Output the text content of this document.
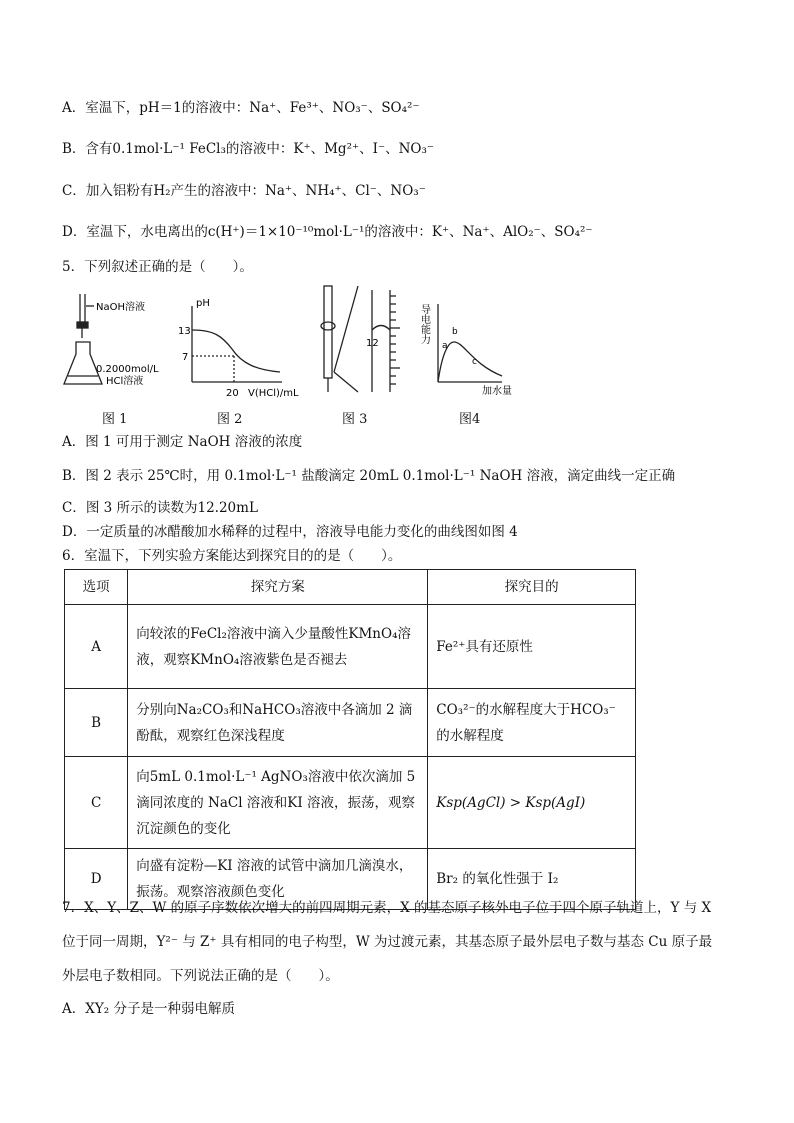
A．室温下，pH＝1的溶液中：Na⁺、Fe³⁺、NO₃⁻、SO₄²⁻
B．含有0.1mol·L⁻¹ FeCl₃的溶液中：K⁺、Mg²⁺、I⁻、NO₃⁻
C．加入铝粉有H₂产生的溶液中：Na⁺、NH₄⁺、Cl⁻、NO₃⁻
D．室温下，水电离出的c(H⁺)＝1×10⁻¹⁰mol·L⁻¹的溶液中：K⁺、Na⁺、AlO₂⁻、SO₄²⁻
5．下列叙述正确的是（　　）。
NaOH溶液
0.2000mol/L
HCl溶液
pH
13
7
20 V(HCl)/mL
12	导电能力
a
b
c
加水量
图 1	图 2	图 3	图4
A．图 1 可用于测定 NaOH 溶液的浓度
B．图 2 表示 25℃时，用 0.1mol·L⁻¹ 盐酸滴定 20mL 0.1mol·L⁻¹ NaOH 溶液，滴定曲线一定正确
C．图 3 所示的读数为12.20mL
D．一定质量的冰醋酸加水稀释的过程中，溶液导电能力变化的曲线图如图 4
6．室温下，下列实验方案能达到探究目的的是（　　）。
选项	探究方案	探究目的
A	向较浓的FeCl₂溶液中滴入少量酸性KMnO₄溶液，观察KMnO₄溶液紫色是否褪去	Fe²⁺具有还原性
B	分别向Na₂CO₃和NaHCO₃溶液中各滴加 2 滴酚酞，观察红色深浅程度	CO₃²⁻的水解程度大于HCO₃⁻的水解程度
C	向5mL 0.1mol·L⁻¹ AgNO₃溶液中依次滴加 5 滴同浓度的 NaCl 溶液和KI 溶液，振荡，观察沉淀颜色的变化	Ksp(AgCl) > Ksp(AgI)
D	向盛有淀粉—KI 溶液的试管中滴加几滴溴水，振荡。观察溶液颜色变化	Br₂ 的氧化性强于 I₂
7．X、Y、Z、W 的原子序数依次增大的前四周期元素，X 的基态原子核外电子位于四个原子轨道上，Y 与 X
位于同一周期，Y²⁻ 与 Z⁺ 具有相同的电子构型，W 为过渡元素，其基态原子最外层电子数与基态 Cu 原子最
外层电子数相同。下列说法正确的是（　　）。
A．XY₂ 分子是一种弱电解质
